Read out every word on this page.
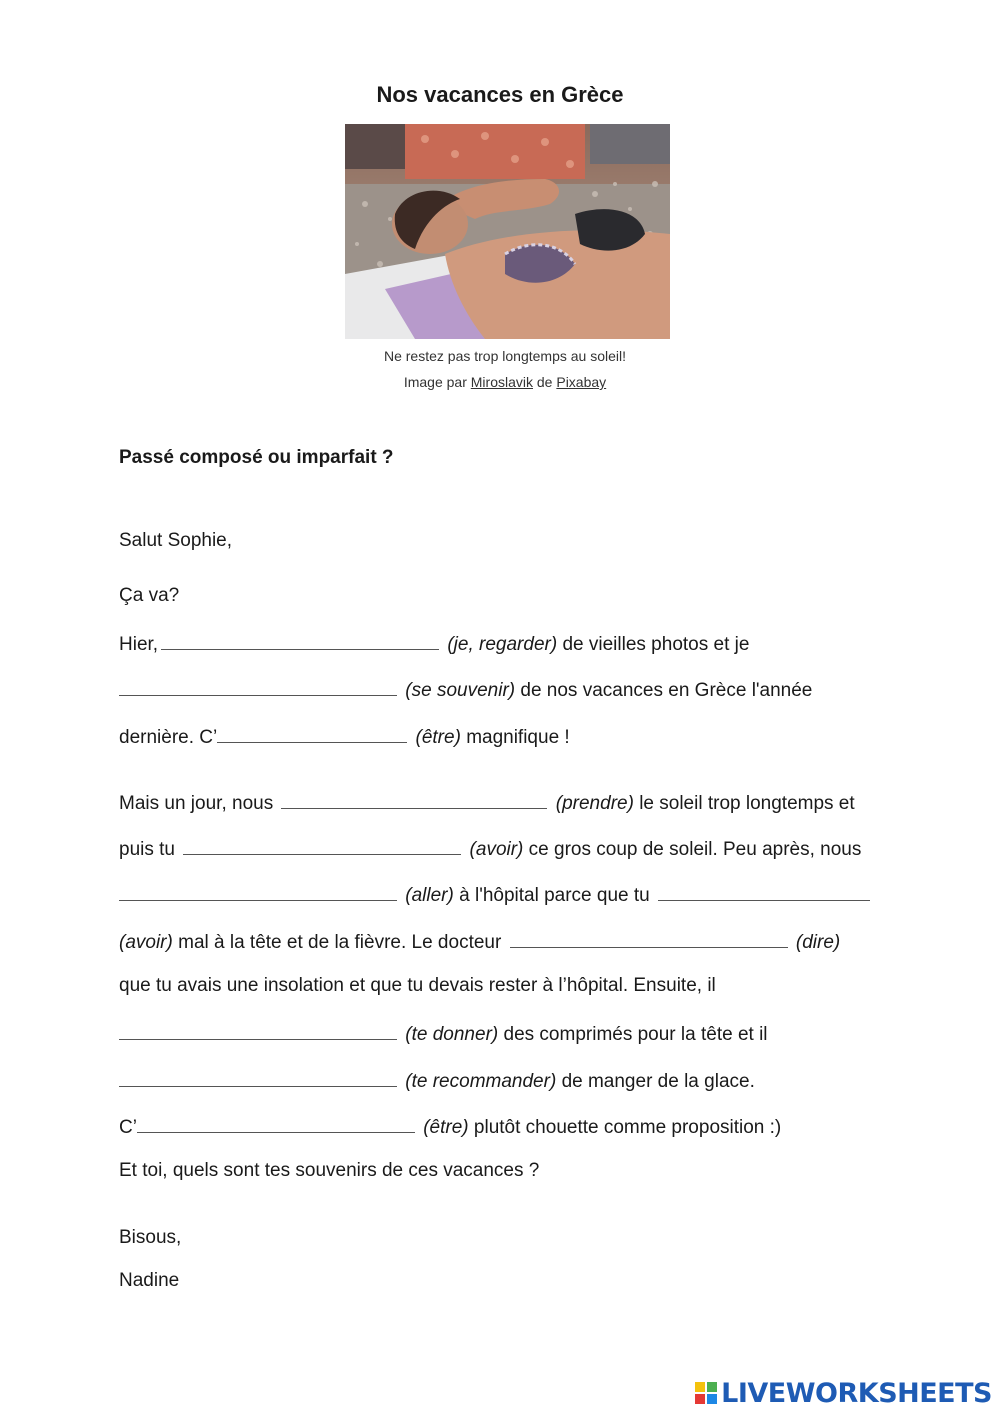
Nos vacances en Grèce
Ne restez pas trop longtemps au soleil!
Image par Miroslavik de Pixabay
Passé composé ou imparfait ?
Salut Sophie,
Ça va?
Hier,	(je, regarder) de vieilles photos et je
(se souvenir) de nos vacances en Grèce l'année
dernière. C’	(être) magnifique !
Mais un jour, nous	(prendre) le soleil trop longtemps et
puis tu	(avoir) ce gros coup de soleil. Peu après, nous
(aller) à l'hôpital parce que tu
(avoir) mal à la tête et de la fièvre. Le docteur	(dire)
que tu avais une insolation et que tu devais rester à l’hôpital. Ensuite, il
(te donner) des comprimés pour la tête et il
(te recommander) de manger de la glace.
C’	(être) plutôt chouette comme proposition :)
Et toi, quels sont tes souvenirs de ces vacances ?
Bisous,
Nadine
LIVEWORKSHEETS
